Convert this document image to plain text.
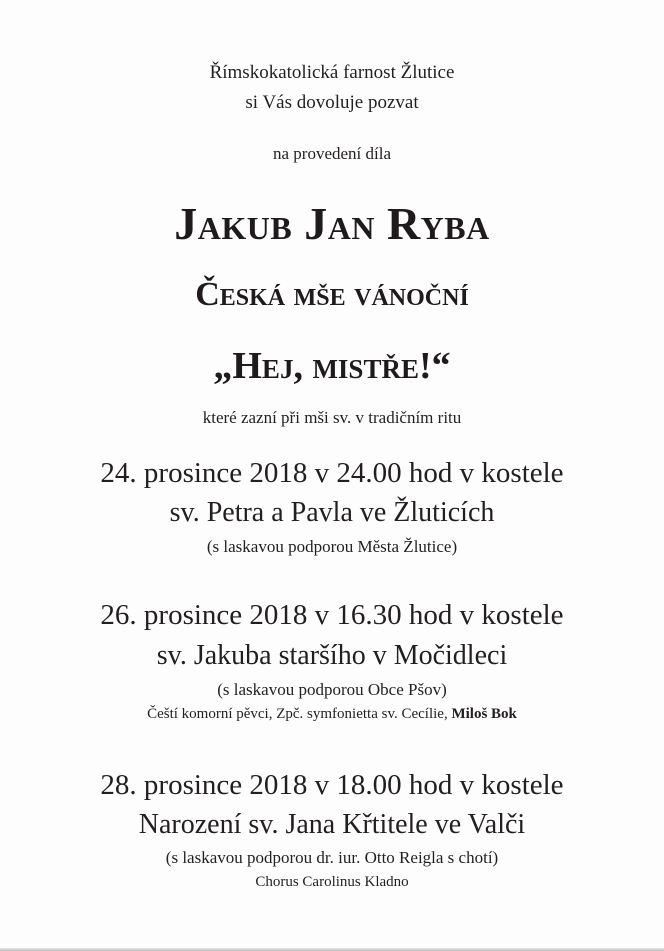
Římskokatolická farnost Žlutice
si Vás dovoluje pozvat
na provedení díla
Jakub Jan Ryba
Česká mše vánoční
„Hej, mistře!“
které zazní při mši sv. v tradičním ritu
24. prosince 2018 v 24.00 hod v kostele
sv. Petra a Pavla ve Žluticích
(s laskavou podporou Města Žlutice)
26. prosince 2018 v 16.30 hod v kostele
sv. Jakuba staršího v Močidleci
(s laskavou podporou Obce Pšov)
Čeští komorní pěvci, Zpč. symfonietta sv. Cecílie, Miloš Bok
28. prosince 2018 v 18.00 hod v kostele
Narození sv. Jana Křtitele ve Valči
(s laskavou podporou dr. iur. Otto Reigla s chotí)
Chorus Carolinus Kladno
